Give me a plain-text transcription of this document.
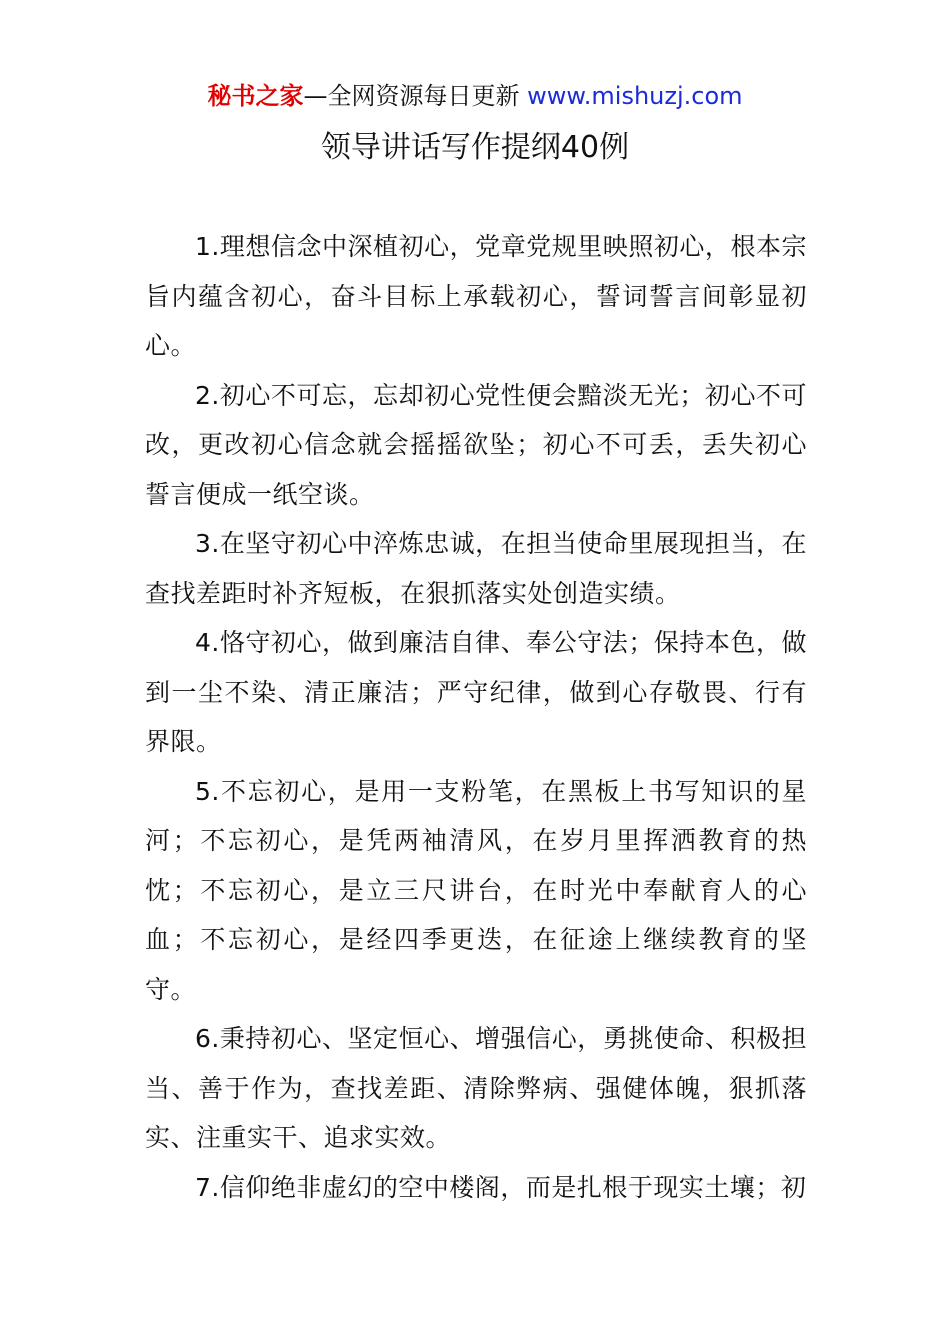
秘书之家—全网资源每日更新 www.mishuzj.com
领导讲话写作提纲40例

1.理想信念中深植初心，党章党规里映照初心，根本宗旨内蕴含初心，奋斗目标上承载初心，誓词誓言间彰显初心。

2.初心不可忘，忘却初心党性便会黯淡无光；初心不可改，更改初心信念就会摇摇欲坠；初心不可丢，丢失初心誓言便成一纸空谈。

3.在坚守初心中淬炼忠诚，在担当使命里展现担当，在查找差距时补齐短板，在狠抓落实处创造实绩。

4.恪守初心，做到廉洁自律、奉公守法；保持本色，做到一尘不染、清正廉洁；严守纪律，做到心存敬畏、行有界限。

5.不忘初心，是用一支粉笔，在黑板上书写知识的星河；不忘初心，是凭两袖清风，在岁月里挥洒教育的热忱；不忘初心，是立三尺讲台，在时光中奉献育人的心血；不忘初心，是经四季更迭，在征途上继续教育的坚守。

6.秉持初心、坚定恒心、增强信心，勇挑使命、积极担当、善于作为，查找差距、清除弊病、强健体魄，狠抓落实、注重实干、追求实效。

7.信仰绝非虚幻的空中楼阁，而是扎根于现实土壤；初
